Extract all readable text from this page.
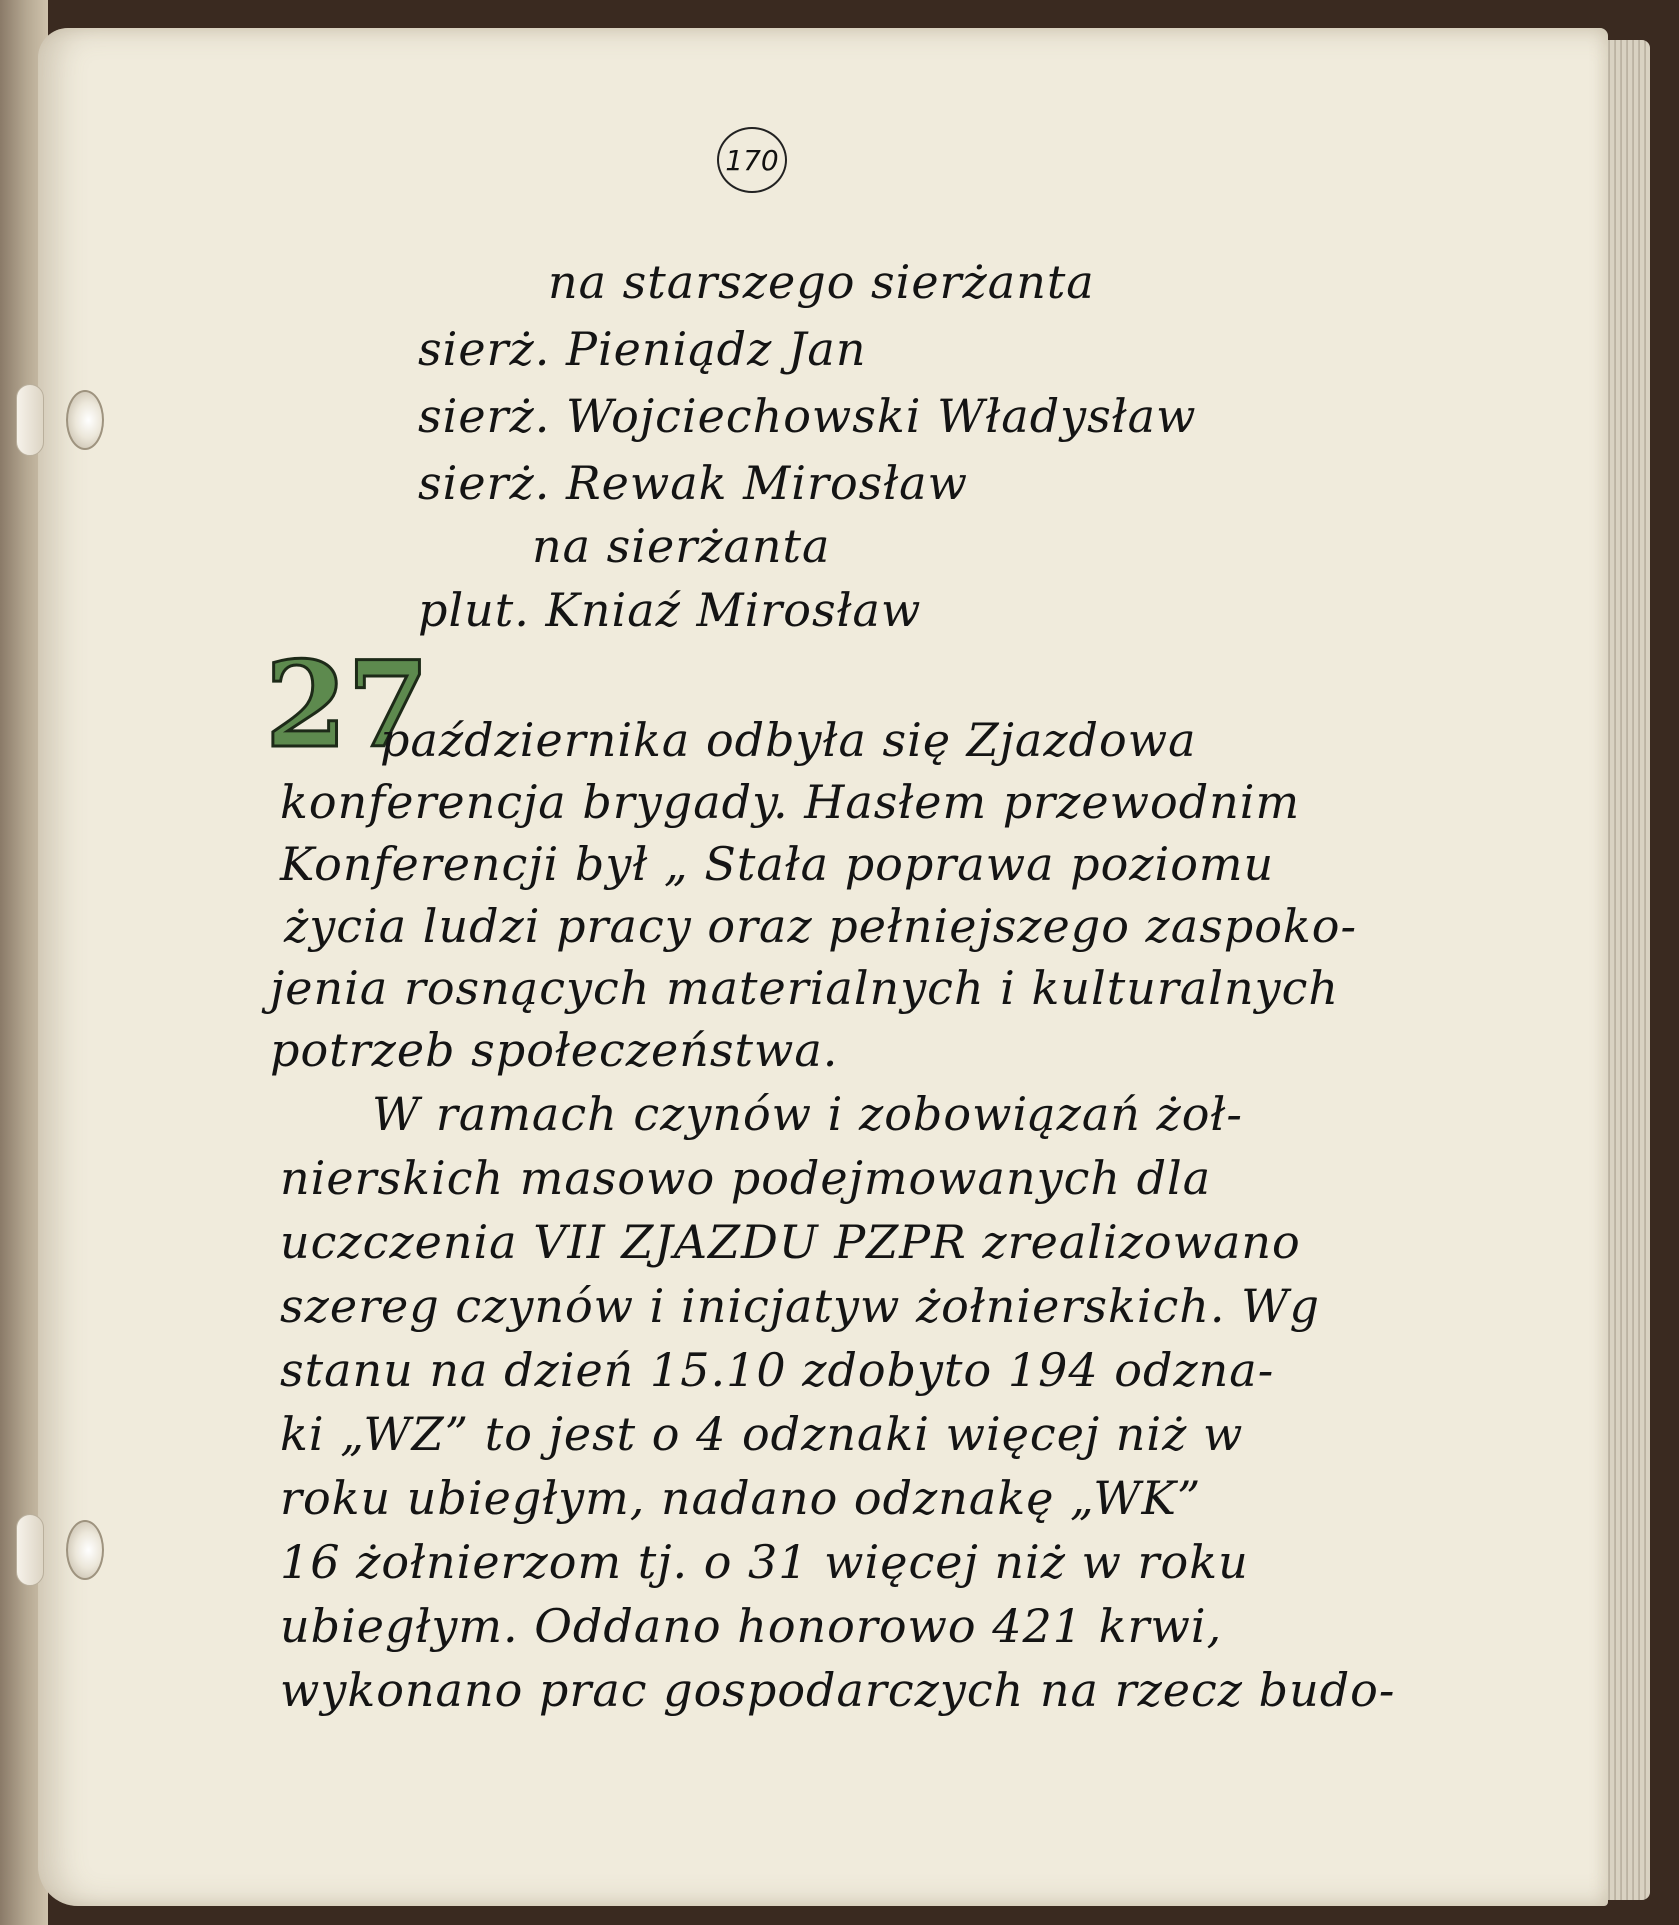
170
na starszego sierżanta
sierż. Pieniądz Jan
sierż. Wojciechowski Władysław
sierż. Rewak Mirosław
na sierżanta
plut. Kniaź Mirosław
27
października odbyła się Zjazdowa
konferencja brygady. Hasłem przewodnim
Konferencji był „ Stała poprawa poziomu
życia ludzi pracy oraz pełniejszego zaspoko-
jenia rosnących materialnych i kulturalnych
potrzeb społeczeństwa.
W ramach czynów i zobowiązań żoł-
nierskich masowo podejmowanych dla
uczczenia VII ZJAZDU PZPR zrealizowano
szereg czynów i inicjatyw żołnierskich. Wg
stanu na dzień 15.10 zdobyto 194 odzna-
ki „WZ” to jest o 4 odznaki więcej niż w
roku ubiegłym, nadano odznakę „WK”
16 żołnierzom tj. o 31 więcej niż w roku
ubiegłym. Oddano honorowo 421 krwi,
wykonano prac gospodarczych na rzecz budo-
